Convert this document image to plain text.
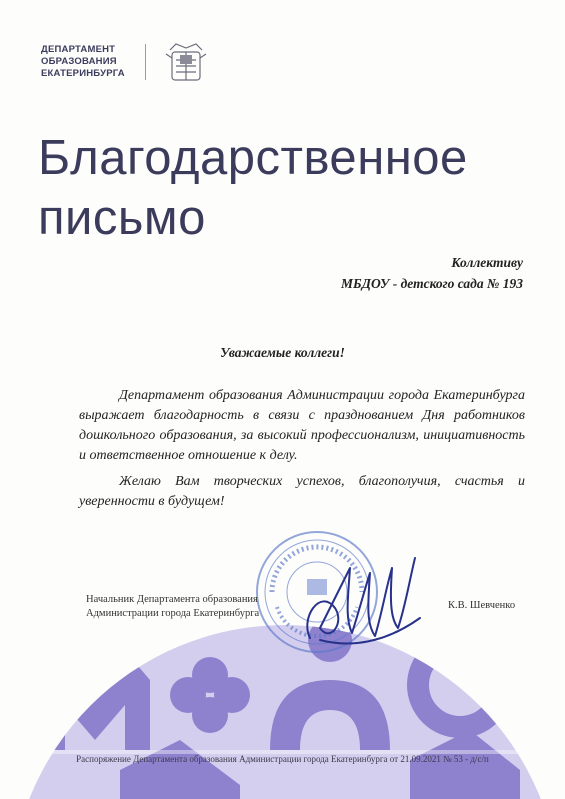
ДЕПАРТАМЕНТ
ОБРАЗОВАНИЯ
ЕКАТЕРИНБУРГА
Благодарственное
письмо
Коллективу
МБДОУ - детского сада № 193
Уважаемые коллеги!

Департамент образования Администрации города Екатеринбурга выражает благодарность в связи с празднованием Дня работников дошкольного образования, за высокий профессионализм, инициативность и ответственное отношение к делу.

Желаю Вам творческих успехов, благополучия, счастья и уверенности в будущем!

Начальник Департамента образования
Администрации города Екатеринбурга
К.В. Шевченко
Распоряжение Департамента образования Администрации города Екатеринбурга от 21.09.2021 № 53 - д/с/п
